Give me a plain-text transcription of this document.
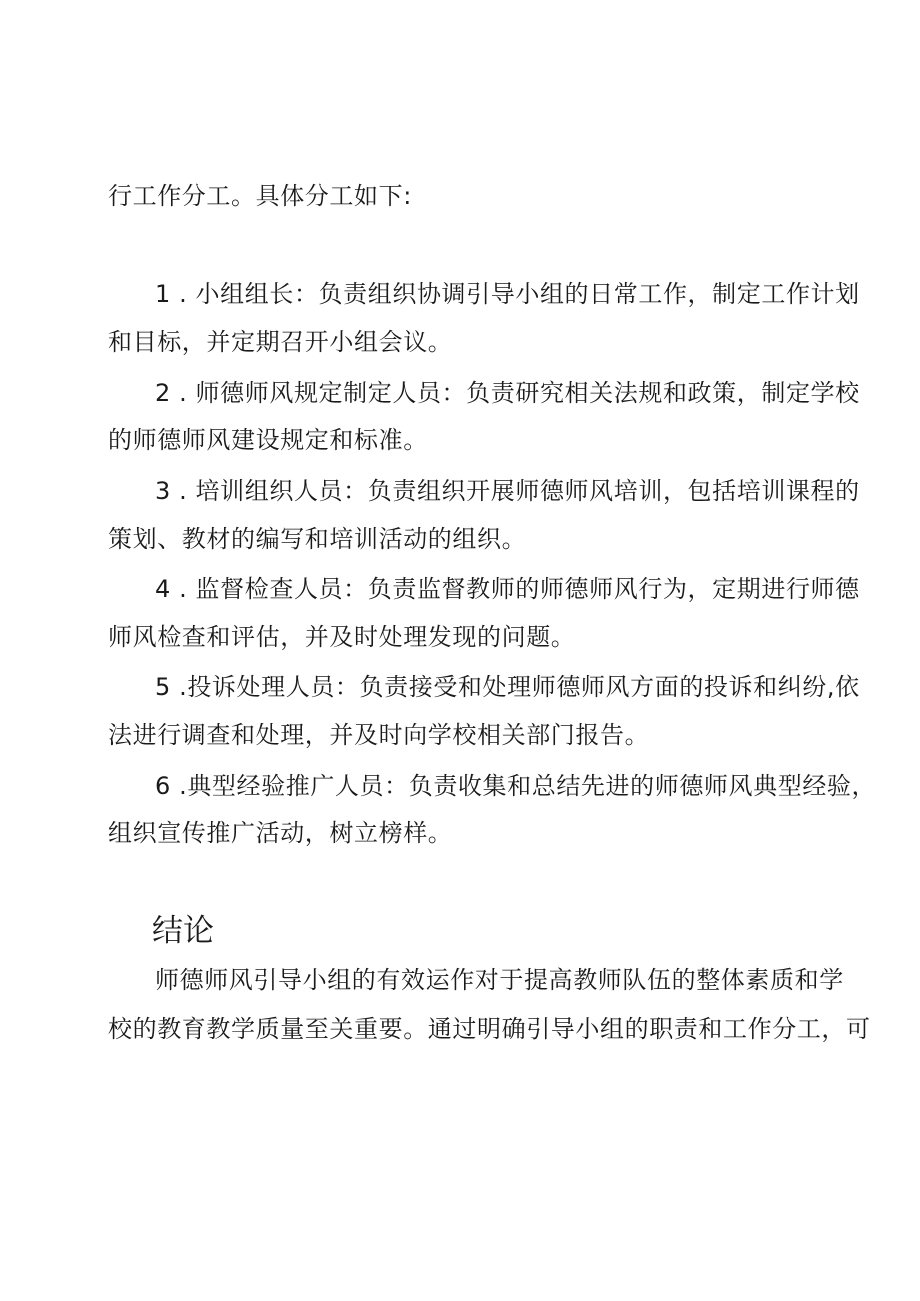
行工作分工。具体分工如下:
1 . 小组组长：负责组织协调引导小组的日常工作，制定工作计划
和目标，并定期召开小组会议。
2 . 师德师风规定制定人员：负责研究相关法规和政策，制定学校
的师德师风建设规定和标准。
3 . 培训组织人员：负责组织开展师德师风培训，包括培训课程的
策划、教材的编写和培训活动的组织。
4 . 监督检查人员：负责监督教师的师德师风行为，定期进行师德
师风检查和评估，并及时处理发现的问题。
5 .投诉处理人员：负责接受和处理师德师风方面的投诉和纠纷,依
法进行调查和处理，并及时向学校相关部门报告。
6 .典型经验推广人员：负责收集和总结先进的师德师风典型经验，
组织宣传推广活动，树立榜样。
结论
师德师风引导小组的有效运作对于提高教师队伍的整体素质和学
校的教育教学质量至关重要。通过明确引导小组的职责和工作分工，可
